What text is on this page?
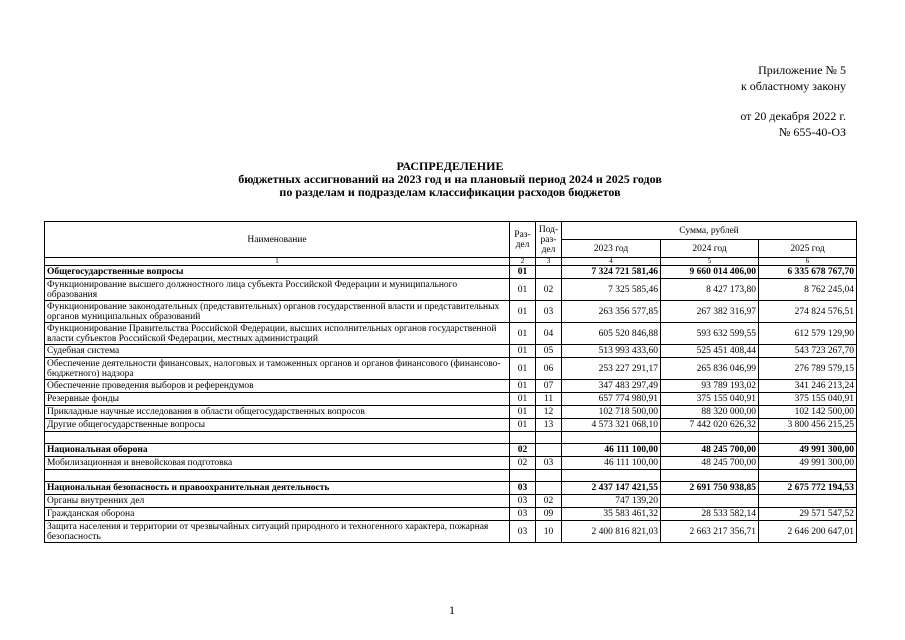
Приложение № 5
к областному закону
от 20 декабря 2022 г.
№ 655-40-ОЗ
РАСПРЕДЕЛЕНИЕ
бюджетных ассигнований на 2023 год и на плановый период 2024 и 2025 годов
по разделам и подразделам классификации расходов бюджетов
Наименование	Раз-дел	Под-раз-дел	Сумма, рублей		
			2023 год	2024 год	2025 год
1	2	3	4	5	6
Общегосударственные вопросы	01		7 324 721 581,46	9 660 014 406,00	6 335 678 767,70
Функционирование высшего должностного лица субъекта Российской Федерации и муниципального образования	01	02	7 325 585,46	8 427 173,80	8 762 245,04
Функционирование законодательных (представительных) органов государственной власти и представительных органов муниципальных образований	01	03	263 356 577,85	267 382 316,97	274 824 576,51
Функционирование Правительства Российской Федерации, высших исполнительных органов государственной власти субъектов Российской Федерации, местных администраций	01	04	605 520 846,88	593 632 599,55	612 579 129,90
Судебная система	01	05	513 993 433,60	525 451 408,44	543 723 267,70
Обеспечение деятельности финансовых, налоговых и таможенных органов и органов финансового (финансово-бюджетного) надзора	01	06	253 227 291,17	265 836 046,99	276 789 579,15
Обеспечение проведения выборов и референдумов	01	07	347 483 297,49	93 789 193,02	341 246 213,24
Резервные фонды	01	11	657 774 980,91	375 155 040,91	375 155 040,91
Прикладные научные исследования в области общегосударственных вопросов	01	12	102 718 500,00	88 320 000,00	102 142 500,00
Другие общегосударственные вопросы	01	13	4 573 321 068,10	7 442 020 626,32	3 800 456 215,25

Национальная оборона	02		46 111 100,00	48 245 700,00	49 991 300,00
Мобилизационная и вневойсковая подготовка	02	03	46 111 100,00	48 245 700,00	49 991 300,00

Национальная безопасность и правоохранительная деятельность	03		2 437 147 421,55	2 691 750 938,85	2 675 772 194,53
Органы внутренних дел	03	02	747 139,20		
Гражданская оборона	03	09	35 583 461,32	28 533 582,14	29 571 547,52
Защита населения и территории от чрезвычайных ситуаций природного и техногенного характера, пожарная безопасность	03	10	2 400 816 821,03	2 663 217 356,71	2 646 200 647,01
1
